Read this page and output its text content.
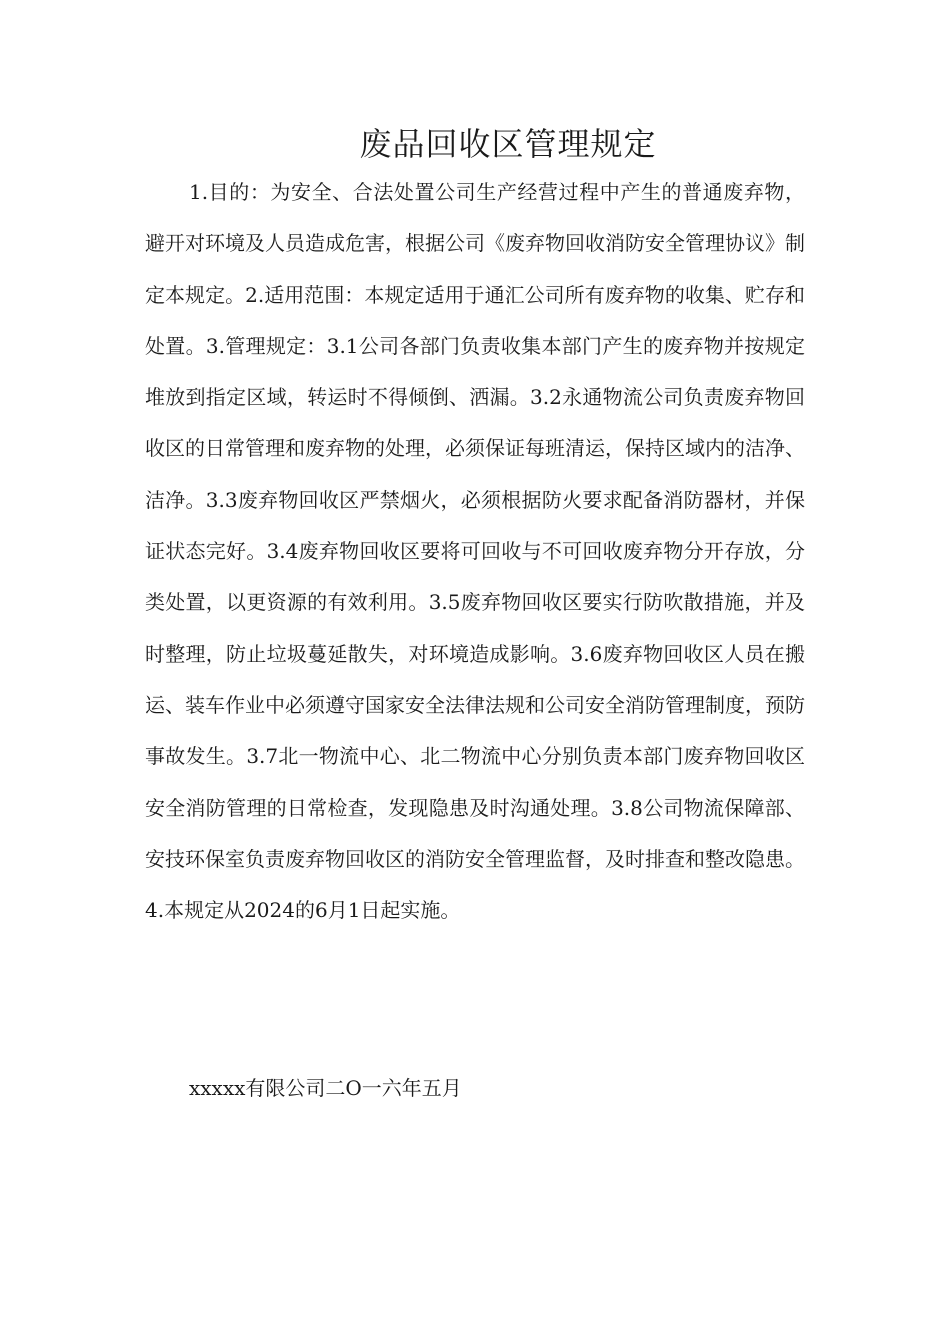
废品回收区管理规定

1.目的：为安全、合法处置公司生产经营过程中产生的普通废弃物，避开对环境及人员造成危害，根据公司《废弃物回收消防安全管理协议》制定本规定。2.适用范围：本规定适用于通汇公司所有废弃物的收集、贮存和处置。3.管理规定：3.1公司各部门负责收集本部门产生的废弃物并按规定堆放到指定区域，转运时不得倾倒、洒漏。3.2永通物流公司负责废弃物回收区的日常管理和废弃物的处理，必须保证每班清运，保持区域内的洁净、洁净。3.3废弃物回收区严禁烟火，必须根据防火要求配备消防器材，并保证状态完好。3.4废弃物回收区要将可回收与不可回收废弃物分开存放，分类处置，以更资源的有效利用。3.5废弃物回收区要实行防吹散措施，并及时整理，防止垃圾蔓延散失，对环境造成影响。3.6废弃物回收区人员在搬运、装车作业中必须遵守国家安全法律法规和公司安全消防管理制度，预防事故发生。3.7北一物流中心、北二物流中心分别负责本部门废弃物回收区安全消防管理的日常检查，发现隐患及时沟通处理。3.8公司物流保障部、安技环保室负责废弃物回收区的消防安全管理监督，及时排查和整改隐患。4.本规定从2024的6月1日起实施。

xxxxx有限公司二O一六年五月
